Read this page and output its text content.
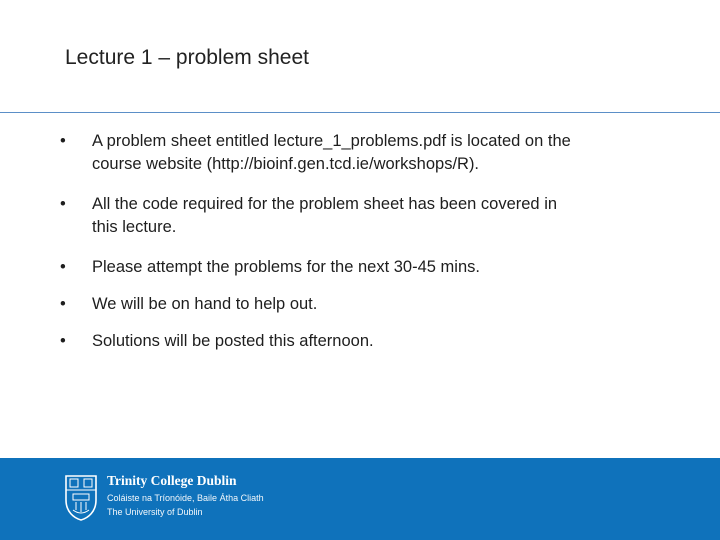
Lecture 1 – problem sheet
•	A problem sheet entitled lecture_1_problems.pdf is located on the
course website (http://bioinf.gen.tcd.ie/workshops/R).
•	All the code required for the problem sheet has been covered in
this lecture.
•	Please attempt the problems for the next 30-45 mins.
•	We will be on hand to help out.
•	Solutions will be posted this afternoon.
Trinity College Dublin
Coláiste na Tríonóide, Baile Átha Cliath
The University of Dublin
